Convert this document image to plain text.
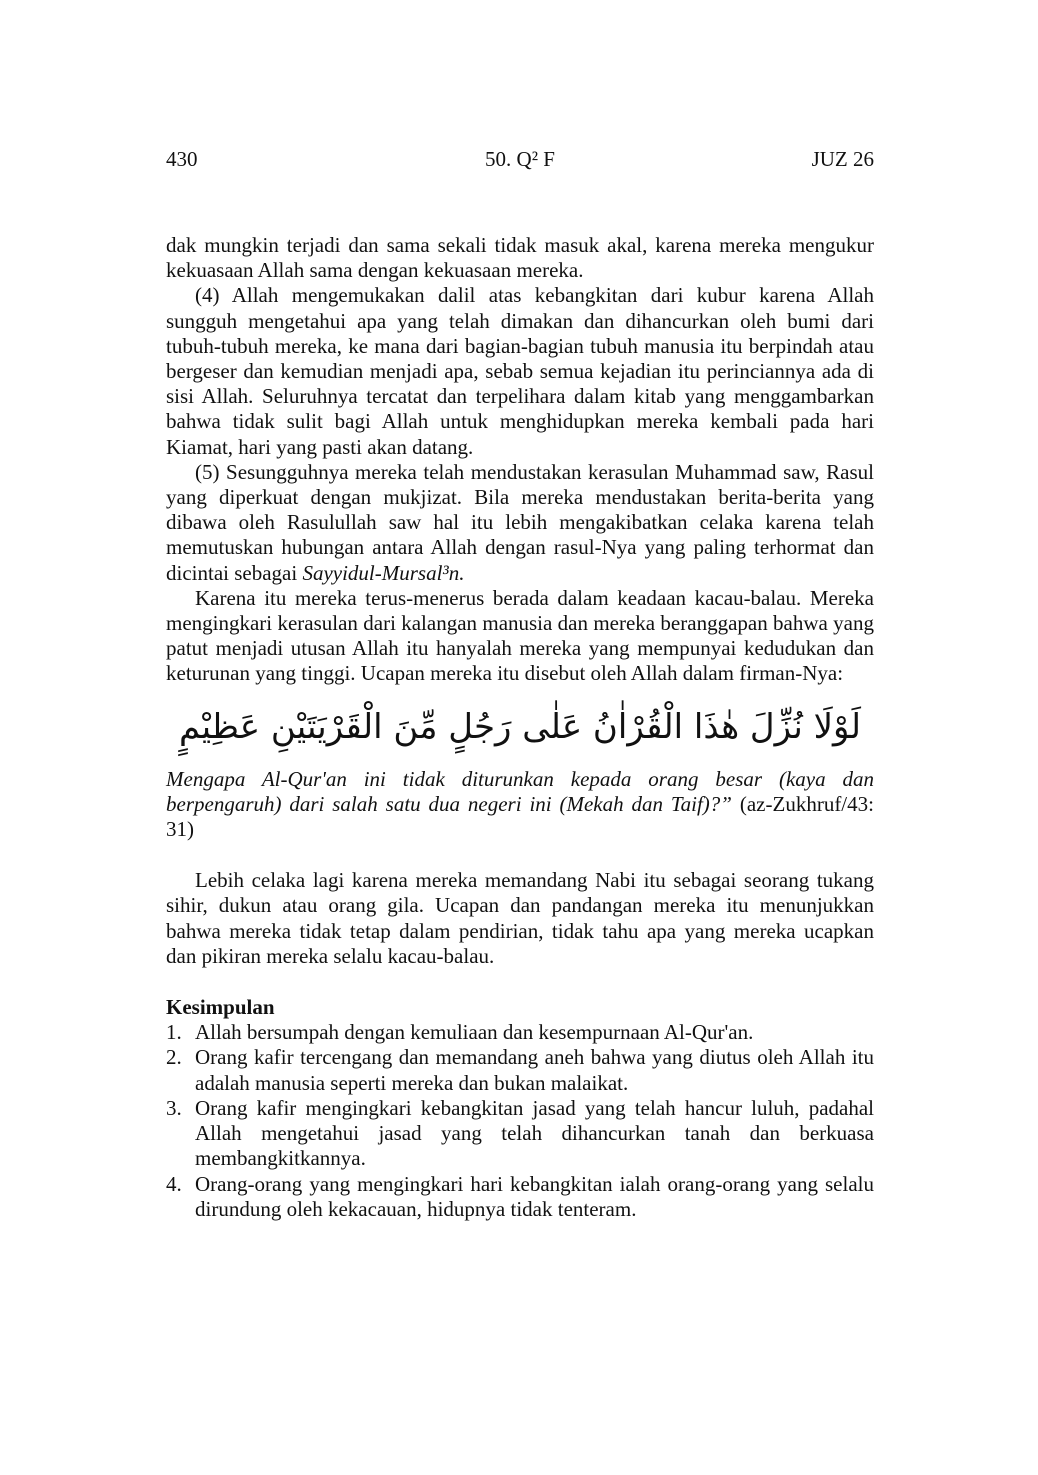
430	50. Q² F	JUZ 26

dak mungkin terjadi dan sama sekali tidak masuk akal, karena mereka mengukur kekuasaan Allah sama dengan kekuasaan mereka.

(4) Allah mengemukakan dalil atas kebangkitan dari kubur karena Allah sungguh mengetahui apa yang telah dimakan dan dihancurkan oleh bumi dari tubuh-tubuh mereka, ke mana dari bagian-bagian tubuh manusia itu berpindah atau bergeser dan kemudian menjadi apa, sebab semua kejadian itu perinciannya ada di sisi Allah. Seluruhnya tercatat dan terpelihara dalam kitab yang menggambarkan bahwa tidak sulit bagi Allah untuk menghidupkan mereka kembali pada hari Kiamat, hari yang pasti akan datang.

(5) Sesungguhnya mereka telah mendustakan kerasulan Muhammad saw, Rasul yang diperkuat dengan mukjizat. Bila mereka mendustakan berita-berita yang dibawa oleh Rasulullah saw hal itu lebih mengakibatkan celaka karena telah memutuskan hubungan antara Allah dengan rasul-Nya yang paling terhormat dan dicintai sebagai Sayyidul-Mursal³n.

Karena itu mereka terus-menerus berada dalam keadaan kacau-balau. Mereka mengingkari kerasulan dari kalangan manusia dan mereka beranggapan bahwa yang patut menjadi utusan Allah itu hanyalah mereka yang mempunyai kedudukan dan keturunan yang tinggi. Ucapan mereka itu disebut oleh Allah dalam firman-Nya:

لَوْلَا نُزِّلَ هٰذَا الْقُرْاٰنُ عَلٰى رَجُلٍ مِّنَ الْقَرْيَتَيْنِ عَظِيْمٍ

Mengapa Al-Qur'an ini tidak diturunkan kepada orang besar (kaya dan berpengaruh) dari salah satu dua negeri ini (Mekah dan Taif)?” (az-Zukhruf/43: 31)

Lebih celaka lagi karena mereka memandang Nabi itu sebagai seorang tukang sihir, dukun atau orang gila. Ucapan dan pandangan mereka itu menunjukkan bahwa mereka tidak tetap dalam pendirian, tidak tahu apa yang mereka ucapkan dan pikiran mereka selalu kacau-balau.

Kesimpulan

1. Allah bersumpah dengan kemuliaan dan kesempurnaan Al-Qur'an.
2. Orang kafir tercengang dan memandang aneh bahwa yang diutus oleh Allah itu adalah manusia seperti mereka dan bukan malaikat.
3. Orang kafir mengingkari kebangkitan jasad yang telah hancur luluh, padahal Allah mengetahui jasad yang telah dihancurkan tanah dan berkuasa membangkitkannya.
4. Orang-orang yang mengingkari hari kebangkitan ialah orang-orang yang selalu dirundung oleh kekacauan, hidupnya tidak tenteram.
